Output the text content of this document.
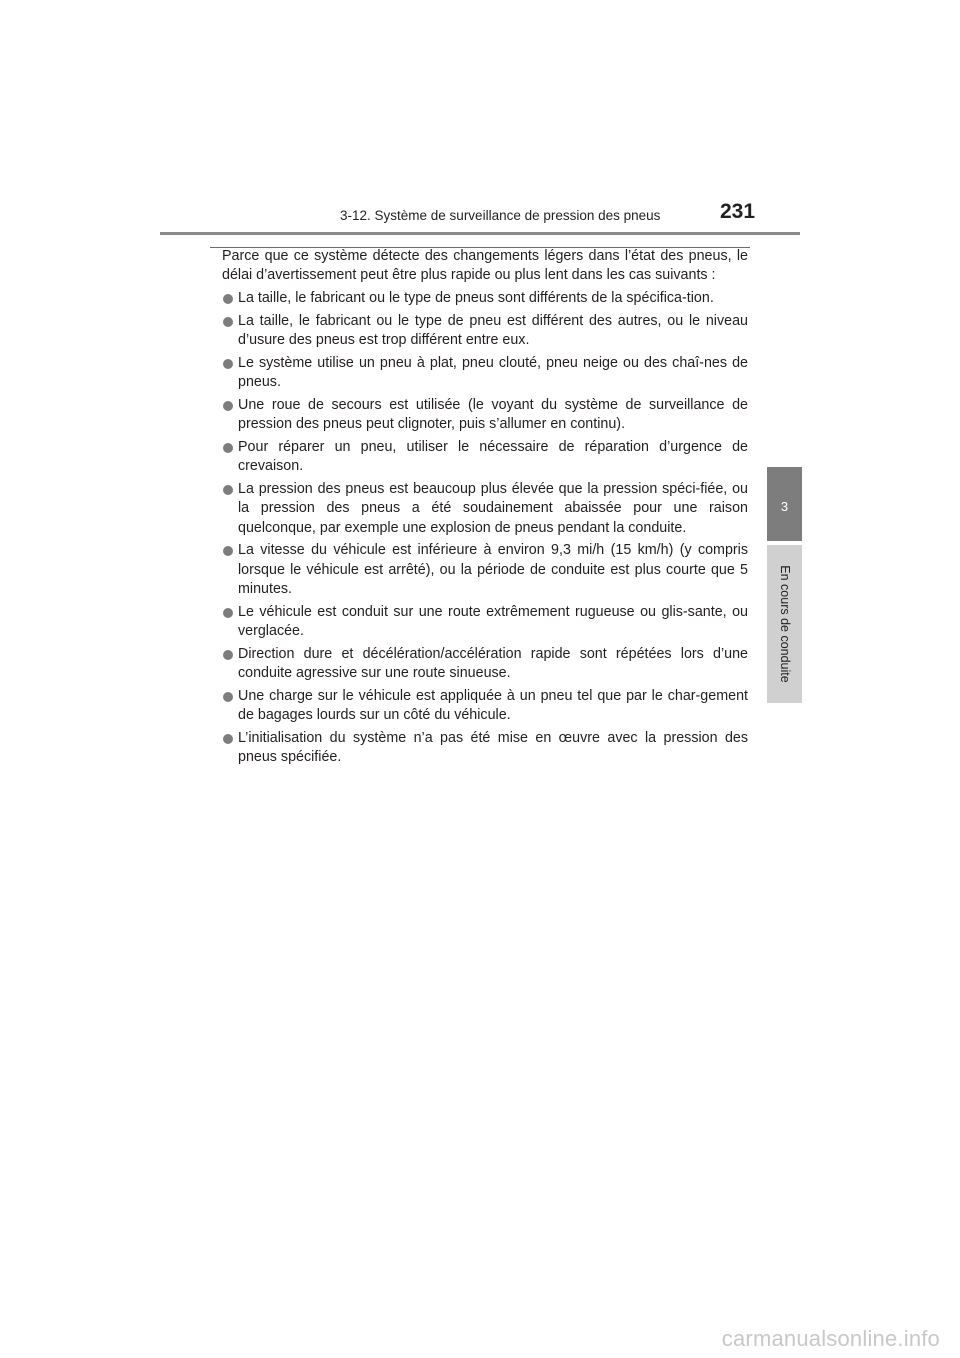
3-12. Système de surveillance de pression des pneus	231
3
En cours de conduite

Parce que ce système détecte des changements légers dans l’état des pneus, le délai d’avertissement peut être plus rapide ou plus lent dans les cas suivants :

La taille, le fabricant ou le type de pneus sont différents de la spécifica-tion.
La taille, le fabricant ou le type de pneu est différent des autres, ou le niveau d’usure des pneus est trop différent entre eux.
Le système utilise un pneu à plat, pneu clouté, pneu neige ou des chaî-nes de pneus.
Une roue de secours est utilisée (le voyant du système de surveillance de pression des pneus peut clignoter, puis s’allumer en continu).
Pour réparer un pneu, utiliser le nécessaire de réparation d’urgence de crevaison.
La pression des pneus est beaucoup plus élevée que la pression spéci-fiée, ou la pression des pneus a été soudainement abaissée pour une raison quelconque, par exemple une explosion de pneus pendant la conduite.
La vitesse du véhicule est inférieure à environ 9,3 mi/h (15 km/h) (y compris lorsque le véhicule est arrêté), ou la période de conduite est plus courte que 5 minutes.
Le véhicule est conduit sur une route extrêmement rugueuse ou glis-sante, ou verglacée.
Direction dure et décélération/accélération rapide sont répétées lors d’une conduite agressive sur une route sinueuse.
Une charge sur le véhicule est appliquée à un pneu tel que par le char-gement de bagages lourds sur un côté du véhicule.
L’initialisation du système n’a pas été mise en œuvre avec la pression des pneus spécifiée.
carmanualsonline.info
